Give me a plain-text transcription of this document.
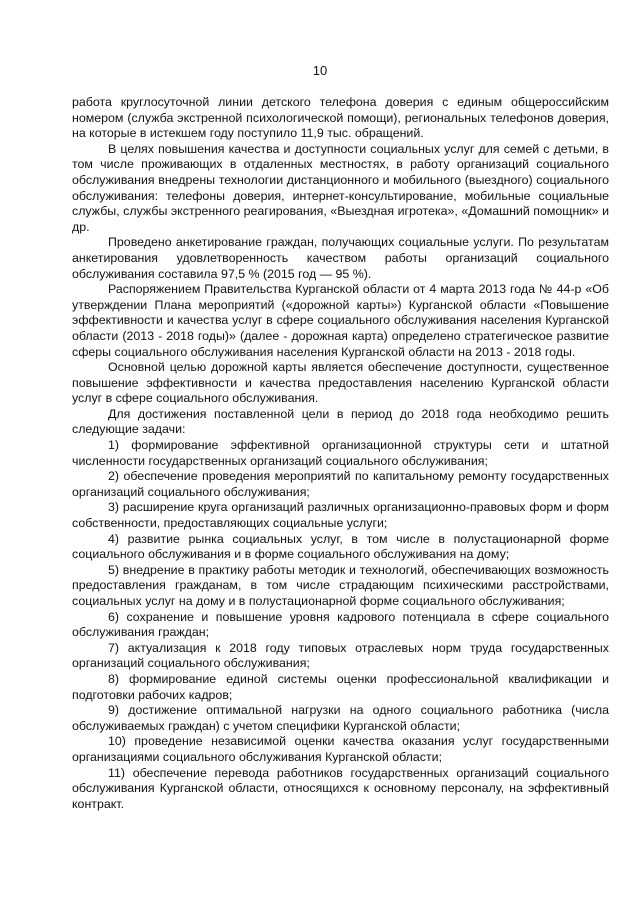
10

работа круглосуточной линии детского телефона доверия с единым общероссийским номером (служба экстренной психологической помощи), региональных телефонов доверия, на которые в истекшем году поступило 11,9 тыс. обращений.

В целях повышения качества и доступности социальных услуг для семей с детьми, в том числе проживающих в отдаленных местностях, в работу организаций социального обслуживания внедрены технологии дистанционного и мобильного (выездного) социального обслуживания: телефоны доверия, интернет-консультирование, мобильные социальные службы, службы экстренного реагирования, «Выездная игротека», «Домашний помощник» и др.

Проведено анкетирование граждан, получающих социальные услуги. По результатам анкетирования удовлетворенность качеством работы организаций социального обслуживания составила 97,5 % (2015 год — 95 %).

Распоряжением Правительства Курганской области от 4 марта 2013 года № 44-р «Об утверждении Плана мероприятий («дорожной карты») Курганской области «Повышение эффективности и качества услуг в сфере социального обслуживания населения Курганской области (2013 - 2018 годы)» (далее - дорожная карта) определено стратегическое развитие сферы социального обслуживания населения Курганской области на 2013 - 2018 годы.

Основной целью дорожной карты является обеспечение доступности, существенное повышение эффективности и качества предоставления населению Курганской области услуг в сфере социального обслуживания.

Для достижения поставленной цели в период до 2018 года необходимо решить следующие задачи:

1) формирование эффективной организационной структуры сети и штатной численности государственных организаций социального обслуживания;

2) обеспечение проведения мероприятий по капитальному ремонту государственных организаций социального обслуживания;

3) расширение круга организаций различных организационно-правовых форм и форм собственности, предоставляющих социальные услуги;

4) развитие рынка социальных услуг, в том числе в полустационарной форме социального обслуживания и в форме социального обслуживания на дому;

5) внедрение в практику работы методик и технологий, обеспечивающих возможность предоставления гражданам, в том числе страдающим психическими расстройствами, социальных услуг на дому и в полустационарной форме социального обслуживания;

6) сохранение и повышение уровня кадрового потенциала в сфере социального обслуживания граждан;

7) актуализация к 2018 году типовых отраслевых норм труда государственных организаций социального обслуживания;

8) формирование единой системы оценки профессиональной квалификации и подготовки рабочих кадров;

9) достижение оптимальной нагрузки на одного социального работника (числа обслуживаемых граждан) с учетом специфики Курганской области;

10) проведение независимой оценки качества оказания услуг государственными организациями социального обслуживания Курганской области;

11) обеспечение перевода работников государственных организаций социального обслуживания Курганской области, относящихся к основному персоналу, на эффективный контракт.
